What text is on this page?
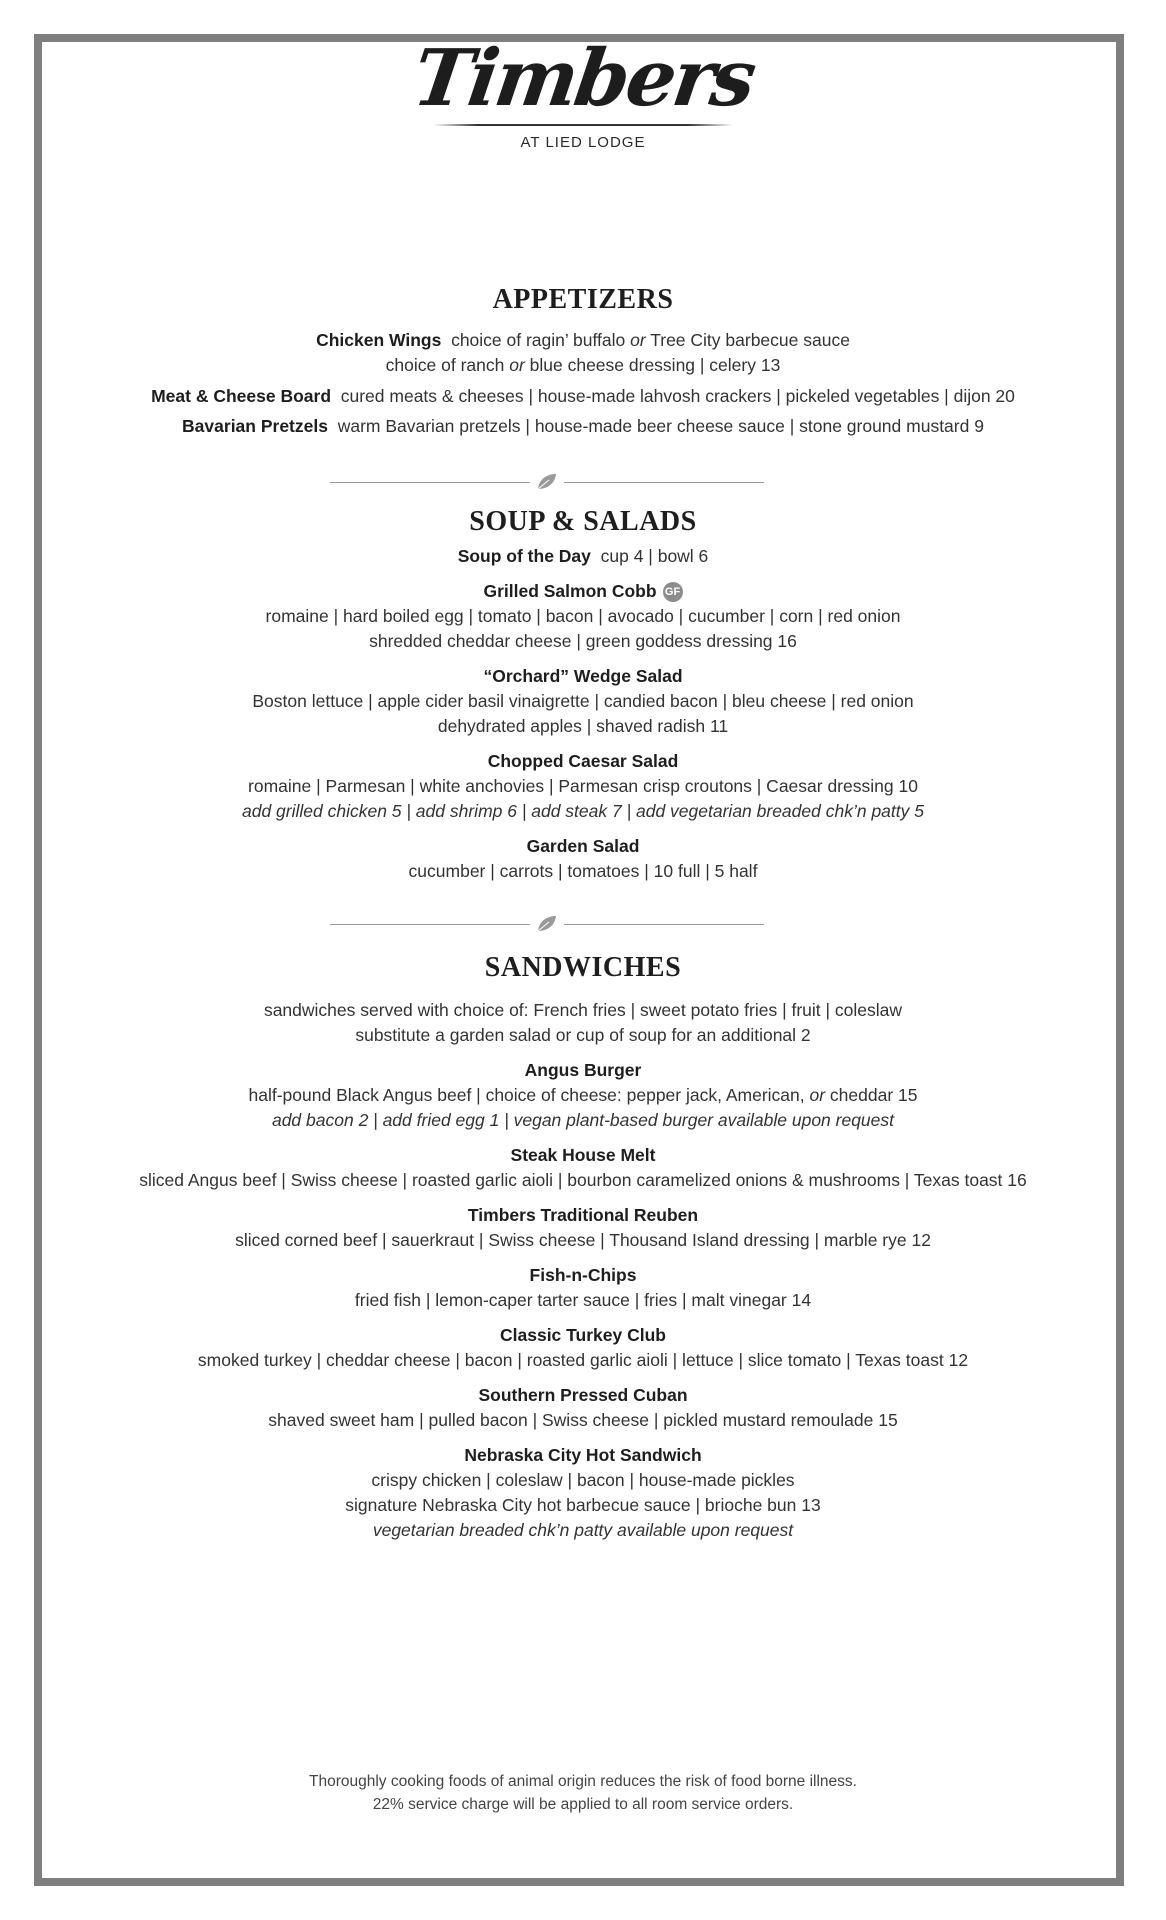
Timbers
AT LIED LODGE
APPETIZERS
Chicken Wings choice of ragin’ buffalo or Tree City barbecue sauce
choice of ranch or blue cheese dressing | celery 13
Meat & Cheese Board cured meats & cheeses | house-made lahvosh crackers | pickeled vegetables | dijon 20
Bavarian Pretzels warm Bavarian pretzels | house-made beer cheese sauce | stone ground mustard 9
SOUP & SALADS
Soup of the Day cup 4 | bowl 6
Grilled Salmon Cobb GF
romaine | hard boiled egg | tomato | bacon | avocado | cucumber | corn | red onion
shredded cheddar cheese | green goddess dressing 16
“Orchard” Wedge Salad
Boston lettuce | apple cider basil vinaigrette | candied bacon | bleu cheese | red onion
dehydrated apples | shaved radish 11
Chopped Caesar Salad
romaine | Parmesan | white anchovies | Parmesan crisp croutons | Caesar dressing 10
add grilled chicken 5 | add shrimp 6 | add steak 7 | add vegetarian breaded chk’n patty 5
Garden Salad
cucumber | carrots | tomatoes | 10 full | 5 half
SANDWICHES
sandwiches served with choice of: French fries | sweet potato fries | fruit | coleslaw
substitute a garden salad or cup of soup for an additional 2
Angus Burger
half-pound Black Angus beef | choice of cheese: pepper jack, American, or cheddar 15
add bacon 2 | add fried egg 1 | vegan plant-based burger available upon request
Steak House Melt
sliced Angus beef | Swiss cheese | roasted garlic aioli | bourbon caramelized onions & mushrooms | Texas toast 16
Timbers Traditional Reuben
sliced corned beef | sauerkraut | Swiss cheese | Thousand Island dressing | marble rye 12
Fish-n-Chips
fried fish | lemon-caper tarter sauce | fries | malt vinegar 14
Classic Turkey Club
smoked turkey | cheddar cheese | bacon | roasted garlic aioli | lettuce | slice tomato | Texas toast 12
Southern Pressed Cuban
shaved sweet ham | pulled bacon | Swiss cheese | pickled mustard remoulade 15
Nebraska City Hot Sandwich
crispy chicken | coleslaw | bacon | house-made pickles
signature Nebraska City hot barbecue sauce | brioche bun 13
vegetarian breaded chk’n patty available upon request
Thoroughly cooking foods of animal origin reduces the risk of food borne illness.
22% service charge will be applied to all room service orders.
